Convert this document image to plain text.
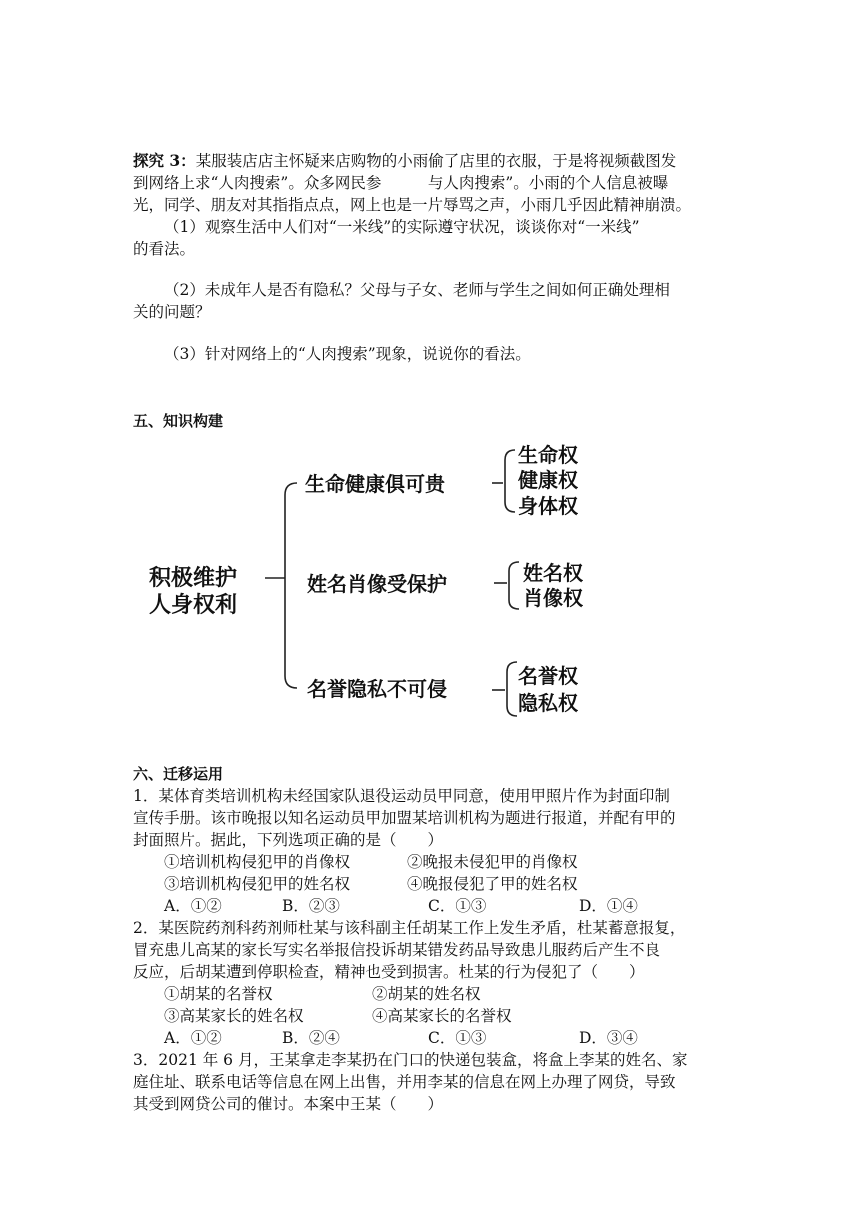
探究 3：某服装店店主怀疑来店购物的小雨偷了店里的衣服，于是将视频截图发
到网络上求“人肉搜索”。众多网民参　　　与人肉搜索”。小雨的个人信息被曝
光，同学、朋友对其指指点点，网上也是一片辱骂之声，小雨几乎因此精神崩溃。
（1）观察生活中人们对“一米线”的实际遵守状况，谈谈你对“一米线”
的看法。
（2）未成年人是否有隐私？父母与子女、老师与学生之间如何正确处理相
关的问题？
（3）针对网络上的“人肉搜索”现象，说说你的看法。
五、知识构建
积极维护
人身权利
生命健康俱可贵
生命权
健康权
身体权
姓名肖像受保护	姓名权
肖像权
名誉隐私不可侵
名誉权
隐私权
六、迁移运用
1．某体育类培训机构未经国家队退役运动员甲同意，使用甲照片作为封面印制
宣传手册。该市晚报以知名运动员甲加盟某培训机构为题进行报道，并配有甲的
封面照片。据此，下列选项正确的是（　　）
①培训机构侵犯甲的肖像权	②晚报未侵犯甲的肖像权
③培训机构侵犯甲的姓名权	④晚报侵犯了甲的姓名权
A．①②	B．②③	C．①③	D．①④
2．某医院药剂科药剂师杜某与该科副主任胡某工作上发生矛盾，杜某蓄意报复，
冒充患儿高某的家长写实名举报信投诉胡某错发药品导致患儿服药后产生不良
反应，后胡某遭到停职检查，精神也受到损害。杜某的行为侵犯了（　　）
①胡某的名誉权	②胡某的姓名权
③高某家长的姓名权	④高某家长的名誉权
A．①②	B．②④	C．①③	D．③④
3．2021 年 6 月，王某拿走李某扔在门口的快递包装盒，将盒上李某的姓名、家
庭住址、联系电话等信息在网上出售，并用李某的信息在网上办理了网贷，导致
其受到网贷公司的催讨。本案中王某（　　）
